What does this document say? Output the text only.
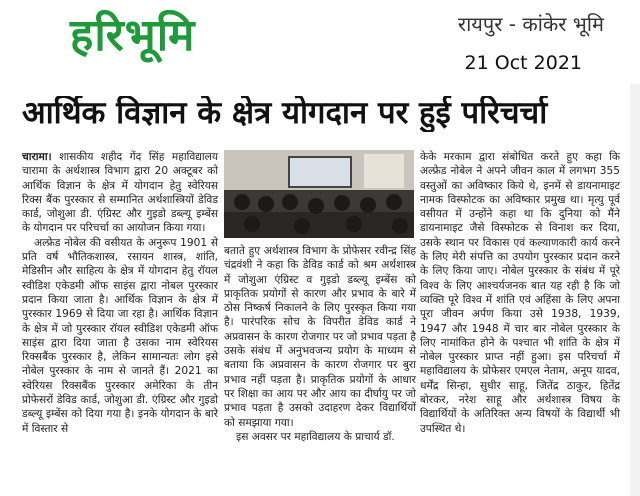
हरिभूमि	रायपुर - कांकेर भूमि
21 Oct 2021
आर्थिक विज्ञान के क्षेत्र योगदान पर हुई परिचर्चा

चारामा। शासकीय शहीद गेंद सिंह महाविद्यालय चारामा के अर्थशास्त्र विभाग द्वारा 20 अक्टूबर को आर्थिक विज्ञान के क्षेत्र में योगदान हेतु स्वेरियस रिक्स बैंक पुरस्कार से सम्मानित अर्थशास्त्रियों डेविड कार्ड, जोशुआ डी. एंग्रिस्ट और गुइडो डब्ल्यू इम्बेंस के योगदान पर परिचर्चा का आयोजन किया गया।

अल्फ्रेड नोबेल की वसीयत के अनुरूप 1901 से प्रति वर्ष भौतिकशास्त्र, रसायन शास्त्र, शांति, मेडिसीन और साहित्य के क्षेत्र में योगदान हेतु रॉयल स्वीडिश एकेडमी ऑफ साइंस द्वारा नोबल पुरस्कार प्रदान किया जाता है। आर्थिक विज्ञान के क्षेत्र में पुरस्कार 1969 से दिया जा रहा है। आर्थिक विज्ञान के क्षेत्र में जो पुरस्कार रॉयल स्वीडिश एकेडमी ऑफ साइंस द्वारा दिया जाता है उसका नाम स्वेरियस रिक्सबैंक पुरस्कार है, लेकिन सामान्यतः लोग इसे नोबेल पुरस्कार के नाम से जानते हैं। 2021 का स्वेरियस रिक्सबैंक पुरस्कार अमेरिका के तीन प्रोफेसरों डेविड कार्ड, जोशुआ डी. एंग्रिस्ट और गुइडो डब्ल्यू इम्बेंस को दिया गया है। इनके योगदान के बारे में विस्तार से

बताते हुए अर्थशास्त्र विभाग के प्रोफेसर रवीन्द्र सिंह चंद्रवंशी ने कहा कि डेविड कार्ड को श्रम अर्थशास्त्र में जोशुआ एंग्रिस्ट व गुइडो डब्ल्यू इम्बेंस को प्राकृतिक प्रयोगों से कारण और प्रभाव के बारे में ठोस निष्कर्ष निकालने के लिए पुरस्कृत किया गया है। पारंपरिक सोच के विपरीत डेविड कार्ड ने अप्रवासन के कारण रोजगार पर जो प्रभाव पड़ता है उसके संबंध में अनुभवजन्य प्रयोग के माध्यम से बताया कि अप्रवासन के कारण रोजगार पर बुरा प्रभाव नहीं पड़ता है। प्राकृतिक प्रयोगों के आधार पर शिक्षा का आय पर और आय का दीर्घायु पर जो प्रभाव पड़ता है उसको उदाहरण देकर विद्यार्थियों को समझाया गया।

इस अवसर पर महाविद्यालय के प्राचार्य डॉ.

केके मरकाम द्वारा संबोधित करते हुए कहा कि अल्फ्रेड नोबेल ने अपने जीवन काल में लगभग 355 वस्तुओं का अविष्कार किये थे, इनमें से डायनामाइट नामक विस्फोटक का अविष्कार प्रमुख था। मृत्यु पूर्व वसीयत में उन्होंने कहा था कि दुनिया को मैंने डायनामाइट जैसे विस्फोटक से विनाश कर दिया, उसके स्थान पर विकास एवं कल्याणकारी कार्य करने के लिए मेरी संपत्ति का उपयोग पुरस्कार प्रदान करने के लिए किया जाए। नोबेल पुरस्कार के संबंध में पूरे विश्व के लिए आश्चर्यजनक बात यह रही है कि जो व्यक्ति पूरे विश्व में शांति एवं अहिंसा के लिए अपना पूरा जीवन अर्पण किया उसे 1938, 1939, 1947 और 1948 में चार बार नोबेल पुरस्कार के लिए नामांकित होने के पश्चात भी शांति के क्षेत्र में नोबेल पुरस्कार प्राप्त नहीं हुआ। इस परिचर्चा में महाविद्यालय के प्रोफेसर एमएल नेताम, अनूप यादव, धर्मेंद्र सिन्हा, सुधीर साहू, जितेंद्र ठाकुर, हितेंद्र बोरकर, नरेश साहू और अर्थशास्त्र विषय के विद्यार्थियों के अतिरिक्त अन्य विषयों के विद्यार्थी भी उपस्थित थे।
